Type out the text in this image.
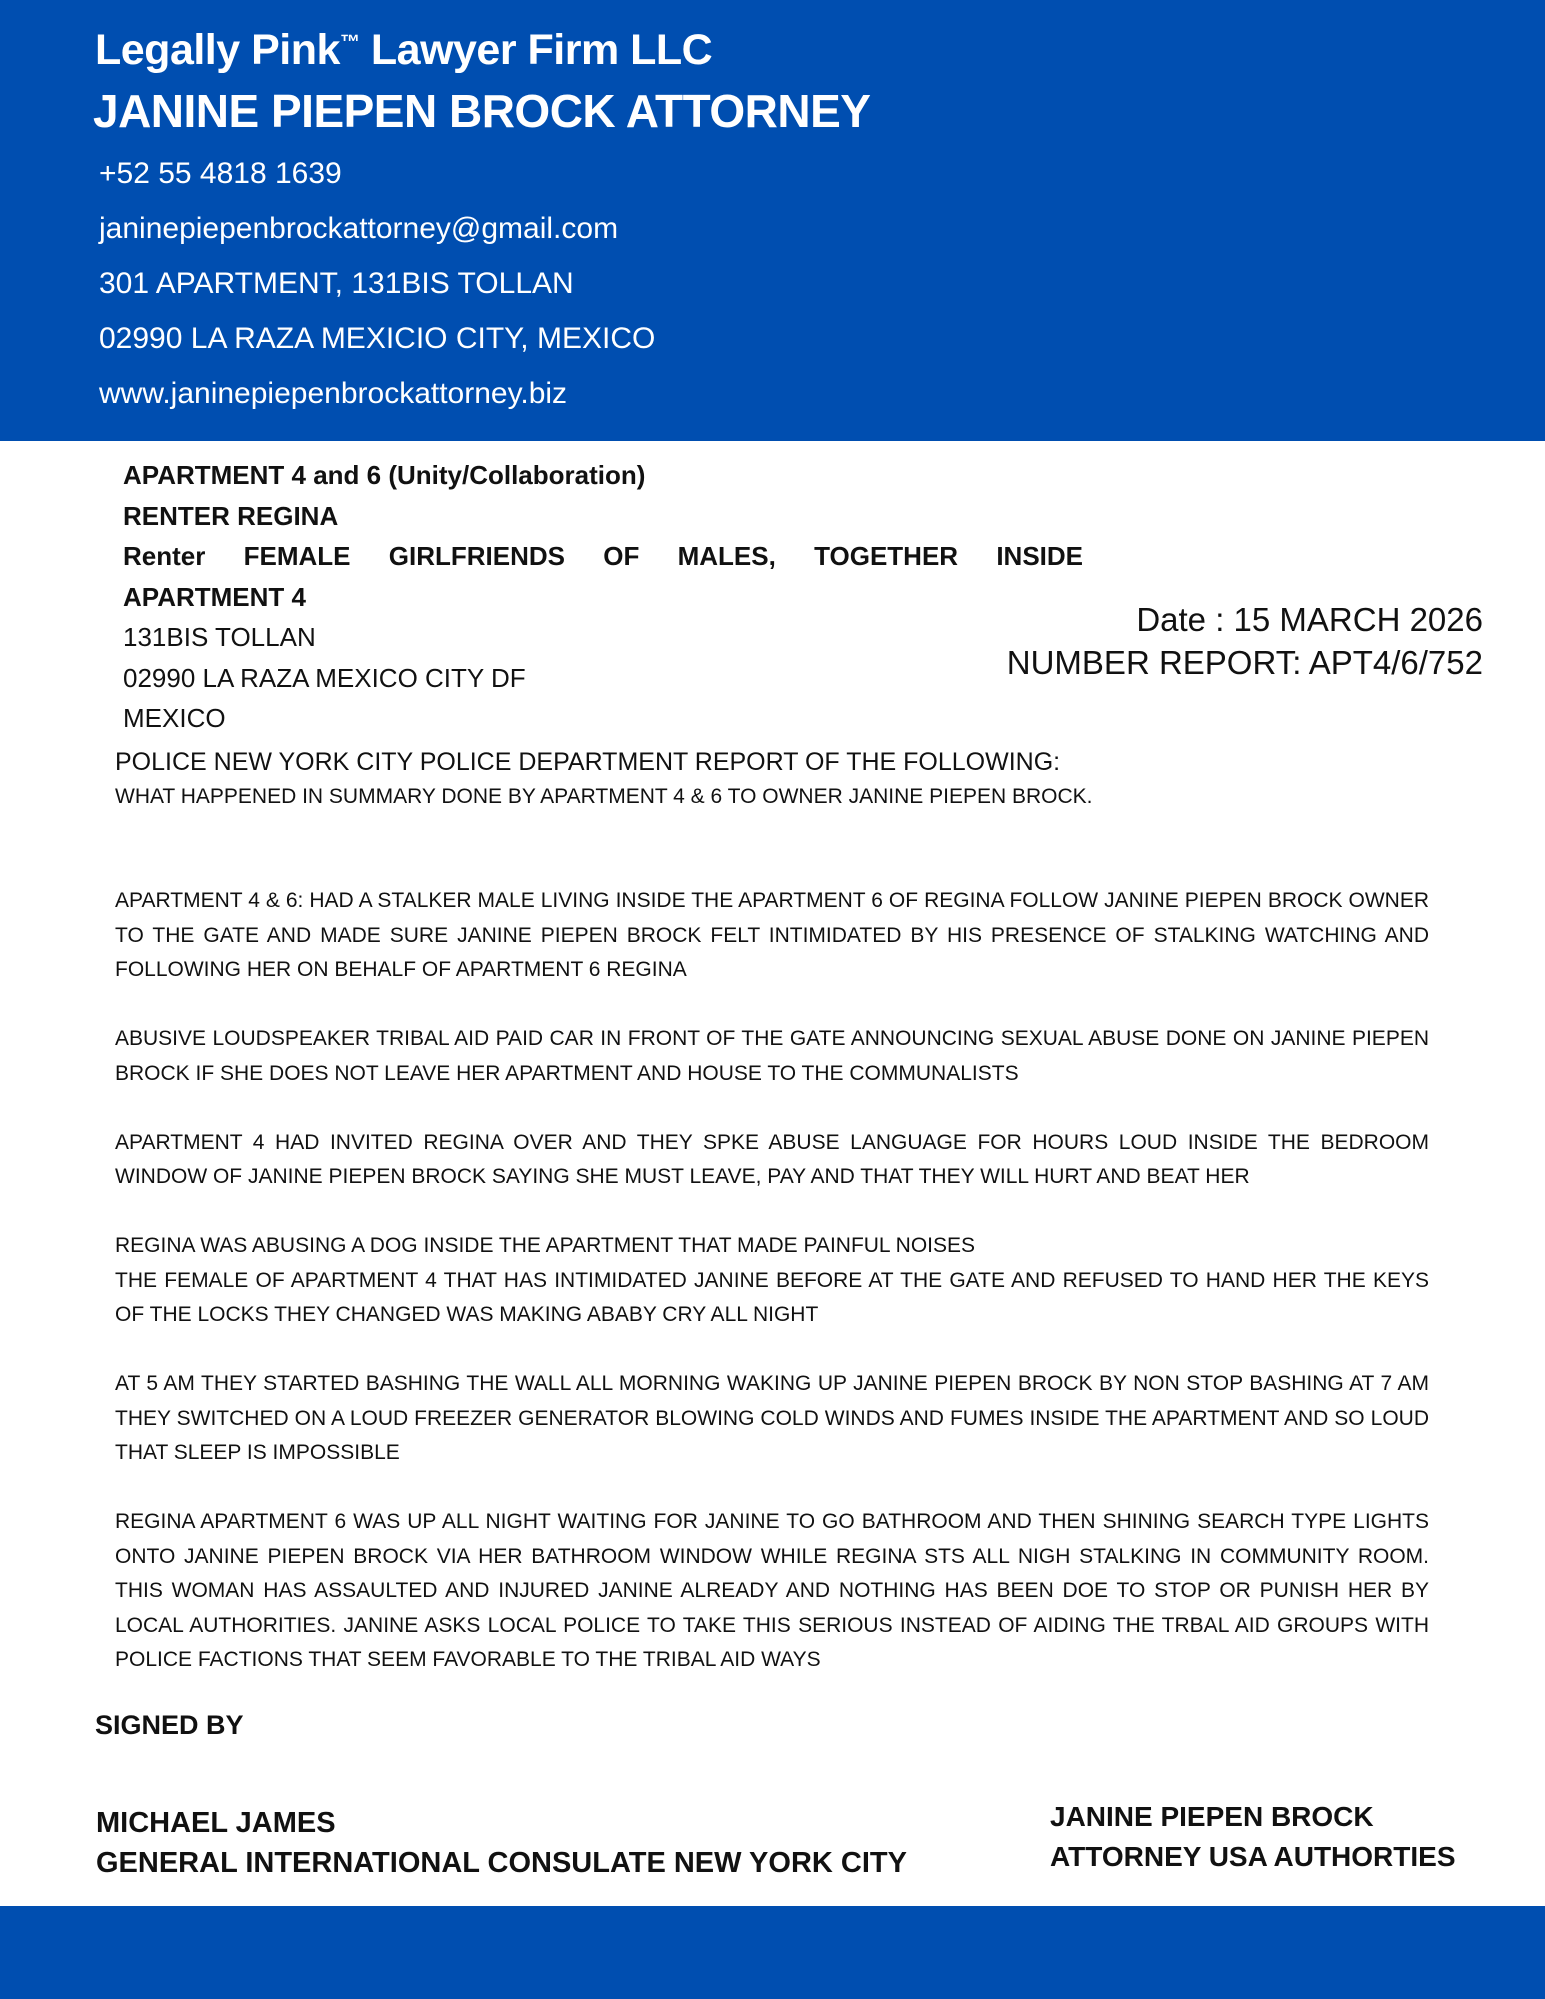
Legally Pink™ Lawyer Firm LLC
JANINE PIEPEN BROCK ATTORNEY
+52 55 4818 1639
janinepiepenbrockattorney@gmail.com
301 APARTMENT, 131BIS TOLLAN
02990 LA RAZA MEXICIO CITY, MEXICO
www.janinepiepenbrockattorney.biz
APARTMENT 4 and 6 (Unity/Collaboration)
RENTER REGINA
Renter FEMALE GIRLFRIENDS OF MALES, TOGETHER INSIDE
APARTMENT 4
131BIS TOLLAN
02990 LA RAZA MEXICO CITY DF
MEXICO
Date : 15 MARCH 2026
NUMBER REPORT: APT4/6/752
POLICE NEW YORK CITY POLICE DEPARTMENT REPORT OF THE FOLLOWING:
WHAT HAPPENED IN SUMMARY DONE BY APARTMENT 4 & 6 TO OWNER JANINE PIEPEN BROCK.

APARTMENT 4 & 6: HAD A STALKER MALE LIVING INSIDE THE APARTMENT 6 OF REGINA FOLLOW JANINE PIEPEN BROCK OWNER TO THE GATE AND MADE SURE JANINE PIEPEN BROCK FELT INTIMIDATED BY HIS PRESENCE OF STALKING WATCHING AND FOLLOWING HER ON BEHALF OF APARTMENT 6 REGINA

ABUSIVE LOUDSPEAKER TRIBAL AID PAID CAR IN FRONT OF THE GATE ANNOUNCING SEXUAL ABUSE DONE ON JANINE PIEPEN BROCK IF SHE DOES NOT LEAVE HER APARTMENT AND HOUSE TO THE COMMUNALISTS

APARTMENT 4 HAD INVITED REGINA OVER AND THEY SPKE ABUSE LANGUAGE FOR HOURS LOUD INSIDE THE BEDROOM WINDOW OF JANINE PIEPEN BROCK SAYING SHE MUST LEAVE, PAY AND THAT THEY WILL HURT AND BEAT HER

REGINA WAS ABUSING A DOG INSIDE THE APARTMENT THAT MADE PAINFUL NOISES

THE FEMALE OF APARTMENT 4 THAT HAS INTIMIDATED JANINE BEFORE AT THE GATE AND REFUSED TO HAND HER THE KEYS OF THE LOCKS THEY CHANGED WAS MAKING ABABY CRY ALL NIGHT

AT 5 AM THEY STARTED BASHING THE WALL ALL MORNING WAKING UP JANINE PIEPEN BROCK BY NON STOP BASHING AT 7 AM THEY SWITCHED ON A LOUD FREEZER GENERATOR BLOWING COLD WINDS AND FUMES INSIDE THE APARTMENT AND SO LOUD THAT SLEEP IS IMPOSSIBLE

REGINA APARTMENT 6 WAS UP ALL NIGHT WAITING FOR JANINE TO GO BATHROOM AND THEN SHINING SEARCH TYPE LIGHTS ONTO JANINE PIEPEN BROCK VIA HER BATHROOM WINDOW WHILE REGINA STS ALL NIGH STALKING IN COMMUNITY ROOM. THIS WOMAN HAS ASSAULTED AND INJURED JANINE ALREADY AND NOTHING HAS BEEN DOE TO STOP OR PUNISH HER BY LOCAL AUTHORITIES. JANINE ASKS LOCAL POLICE TO TAKE THIS SERIOUS INSTEAD OF AIDING THE TRBAL AID GROUPS WITH POLICE FACTIONS THAT SEEM FAVORABLE TO THE TRIBAL AID WAYS

SIGNED BY
MICHAEL JAMES
GENERAL INTERNATIONAL CONSULATE NEW YORK CITY
JANINE PIEPEN BROCK
ATTORNEY USA AUTHORTIES
